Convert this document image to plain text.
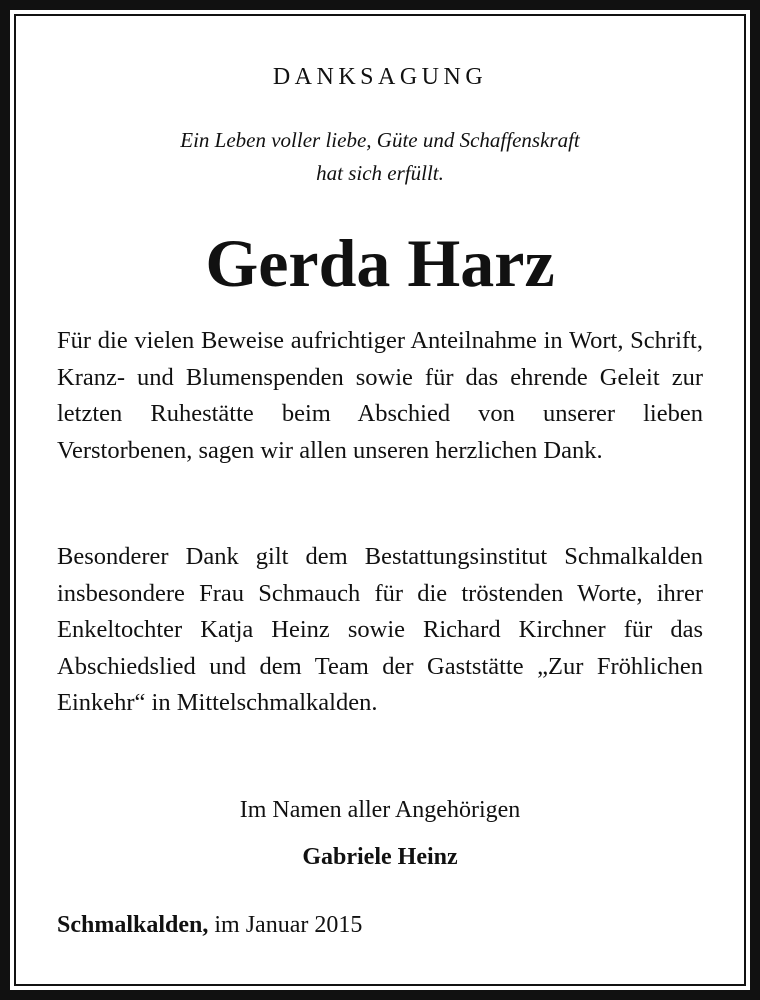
DANKSAGUNG
Ein Leben voller liebe, Güte und Schaffenskraft
hat sich erfüllt.
Gerda Harz
Für die vielen Beweise aufrichtiger Anteilnahme in Wort, Schrift, Kranz- und Blumenspenden sowie für das ehrende Geleit zur letzten Ruhestätte beim Abschied von unserer lieben Verstorbenen, sagen wir allen unseren herzlichen Dank.
Besonderer Dank gilt dem Bestattungsinstitut Schmalkalden insbesondere Frau Schmauch für die tröstenden Worte, ihrer Enkeltochter Katja Heinz sowie Richard Kirchner für das Abschiedslied und dem Team der Gaststätte „Zur Fröhlichen Einkehr“ in Mittelschmalkalden.
Im Namen aller Angehörigen
Gabriele Heinz
Schmalkalden, im Januar 2015
